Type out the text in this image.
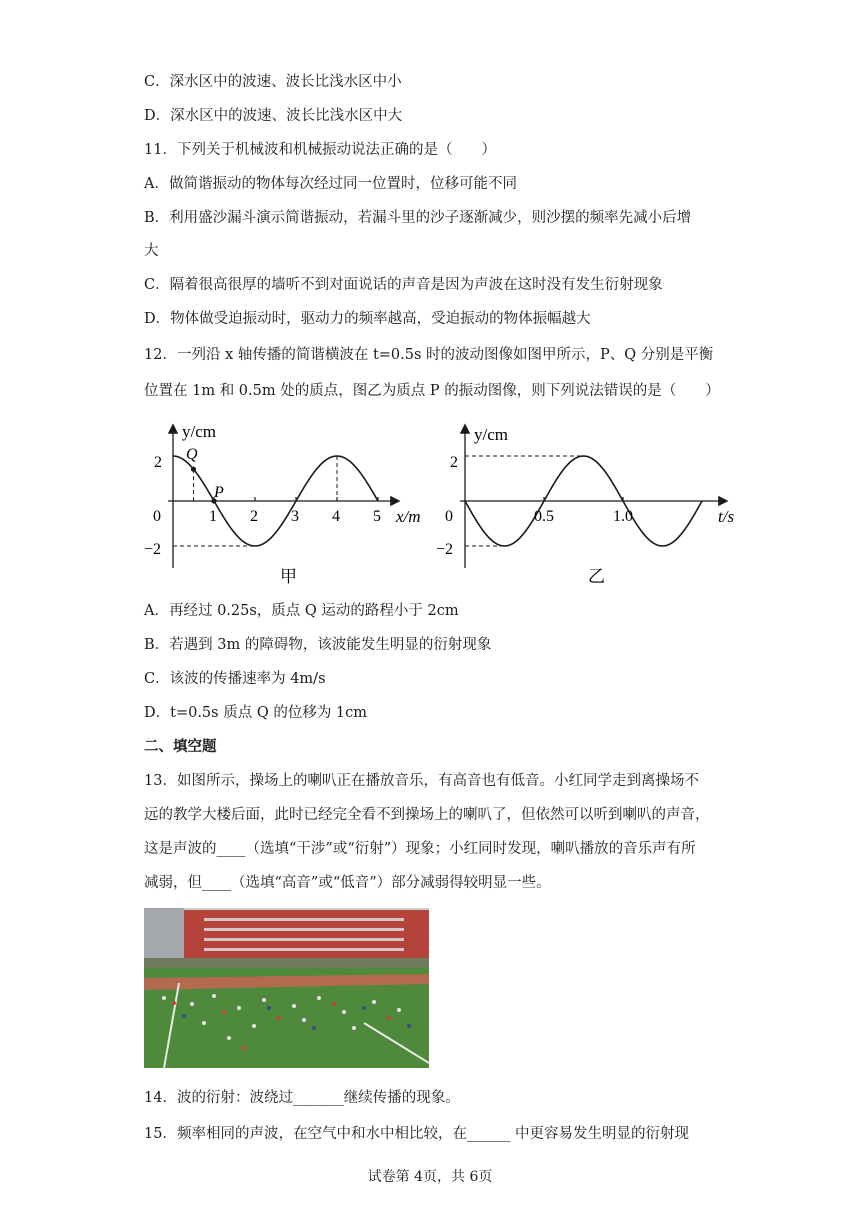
C．深水区中的波速、波长比浅水区中小
D．深水区中的波速、波长比浅水区中大
11．下列关于机械波和机械振动说法正确的是（　　）
A．做简谐振动的物体每次经过同一位置时，位移可能不同
B．利用盛沙漏斗演示简谐振动，若漏斗里的沙子逐渐减少，则沙摆的频率先减小后增
大
C．隔着很高很厚的墙听不到对面说话的声音是因为声波在这时没有发生衍射现象
D．物体做受迫振动时，驱动力的频率越高，受迫振动的物体振幅越大
12．一列沿 x 轴传播的简谐横波在 t=0.5s 时的波动图像如图甲所示，P、Q 分别是平衡
位置在 1m 和 0.5m 处的质点，图乙为质点 P 的振动图像，则下列说法错误的是（　　）
y/cm
2
−2
Q
P
0	1 2 3 4 5 x/m
甲
y/cm
2
−2
0	0.5	1.0	t/s
乙
A．再经过 0.25s，质点 Q 运动的路程小于 2cm
B．若遇到 3m 的障碍物，该波能发生明显的衍射现象
C．该波的传播速率为 4m/s
D．t=0.5s 质点 Q 的位移为 1cm
二、填空题
13．如图所示，操场上的喇叭正在播放音乐，有高音也有低音。小红同学走到离操场不
远的教学大楼后面，此时已经完全看不到操场上的喇叭了，但依然可以听到喇叭的声音，
这是声波的____（选填“干涉”或“衍射”）现象；小红同时发现，喇叭播放的音乐声有所
减弱，但____（选填“高音”或“低音”）部分减弱得较明显一些。
14．波的衍射：波绕过_______继续传播的现象。
15．频率相同的声波，在空气中和水中相比较，在______ 中更容易发生明显的衍射现
试卷第 4页，共 6页
